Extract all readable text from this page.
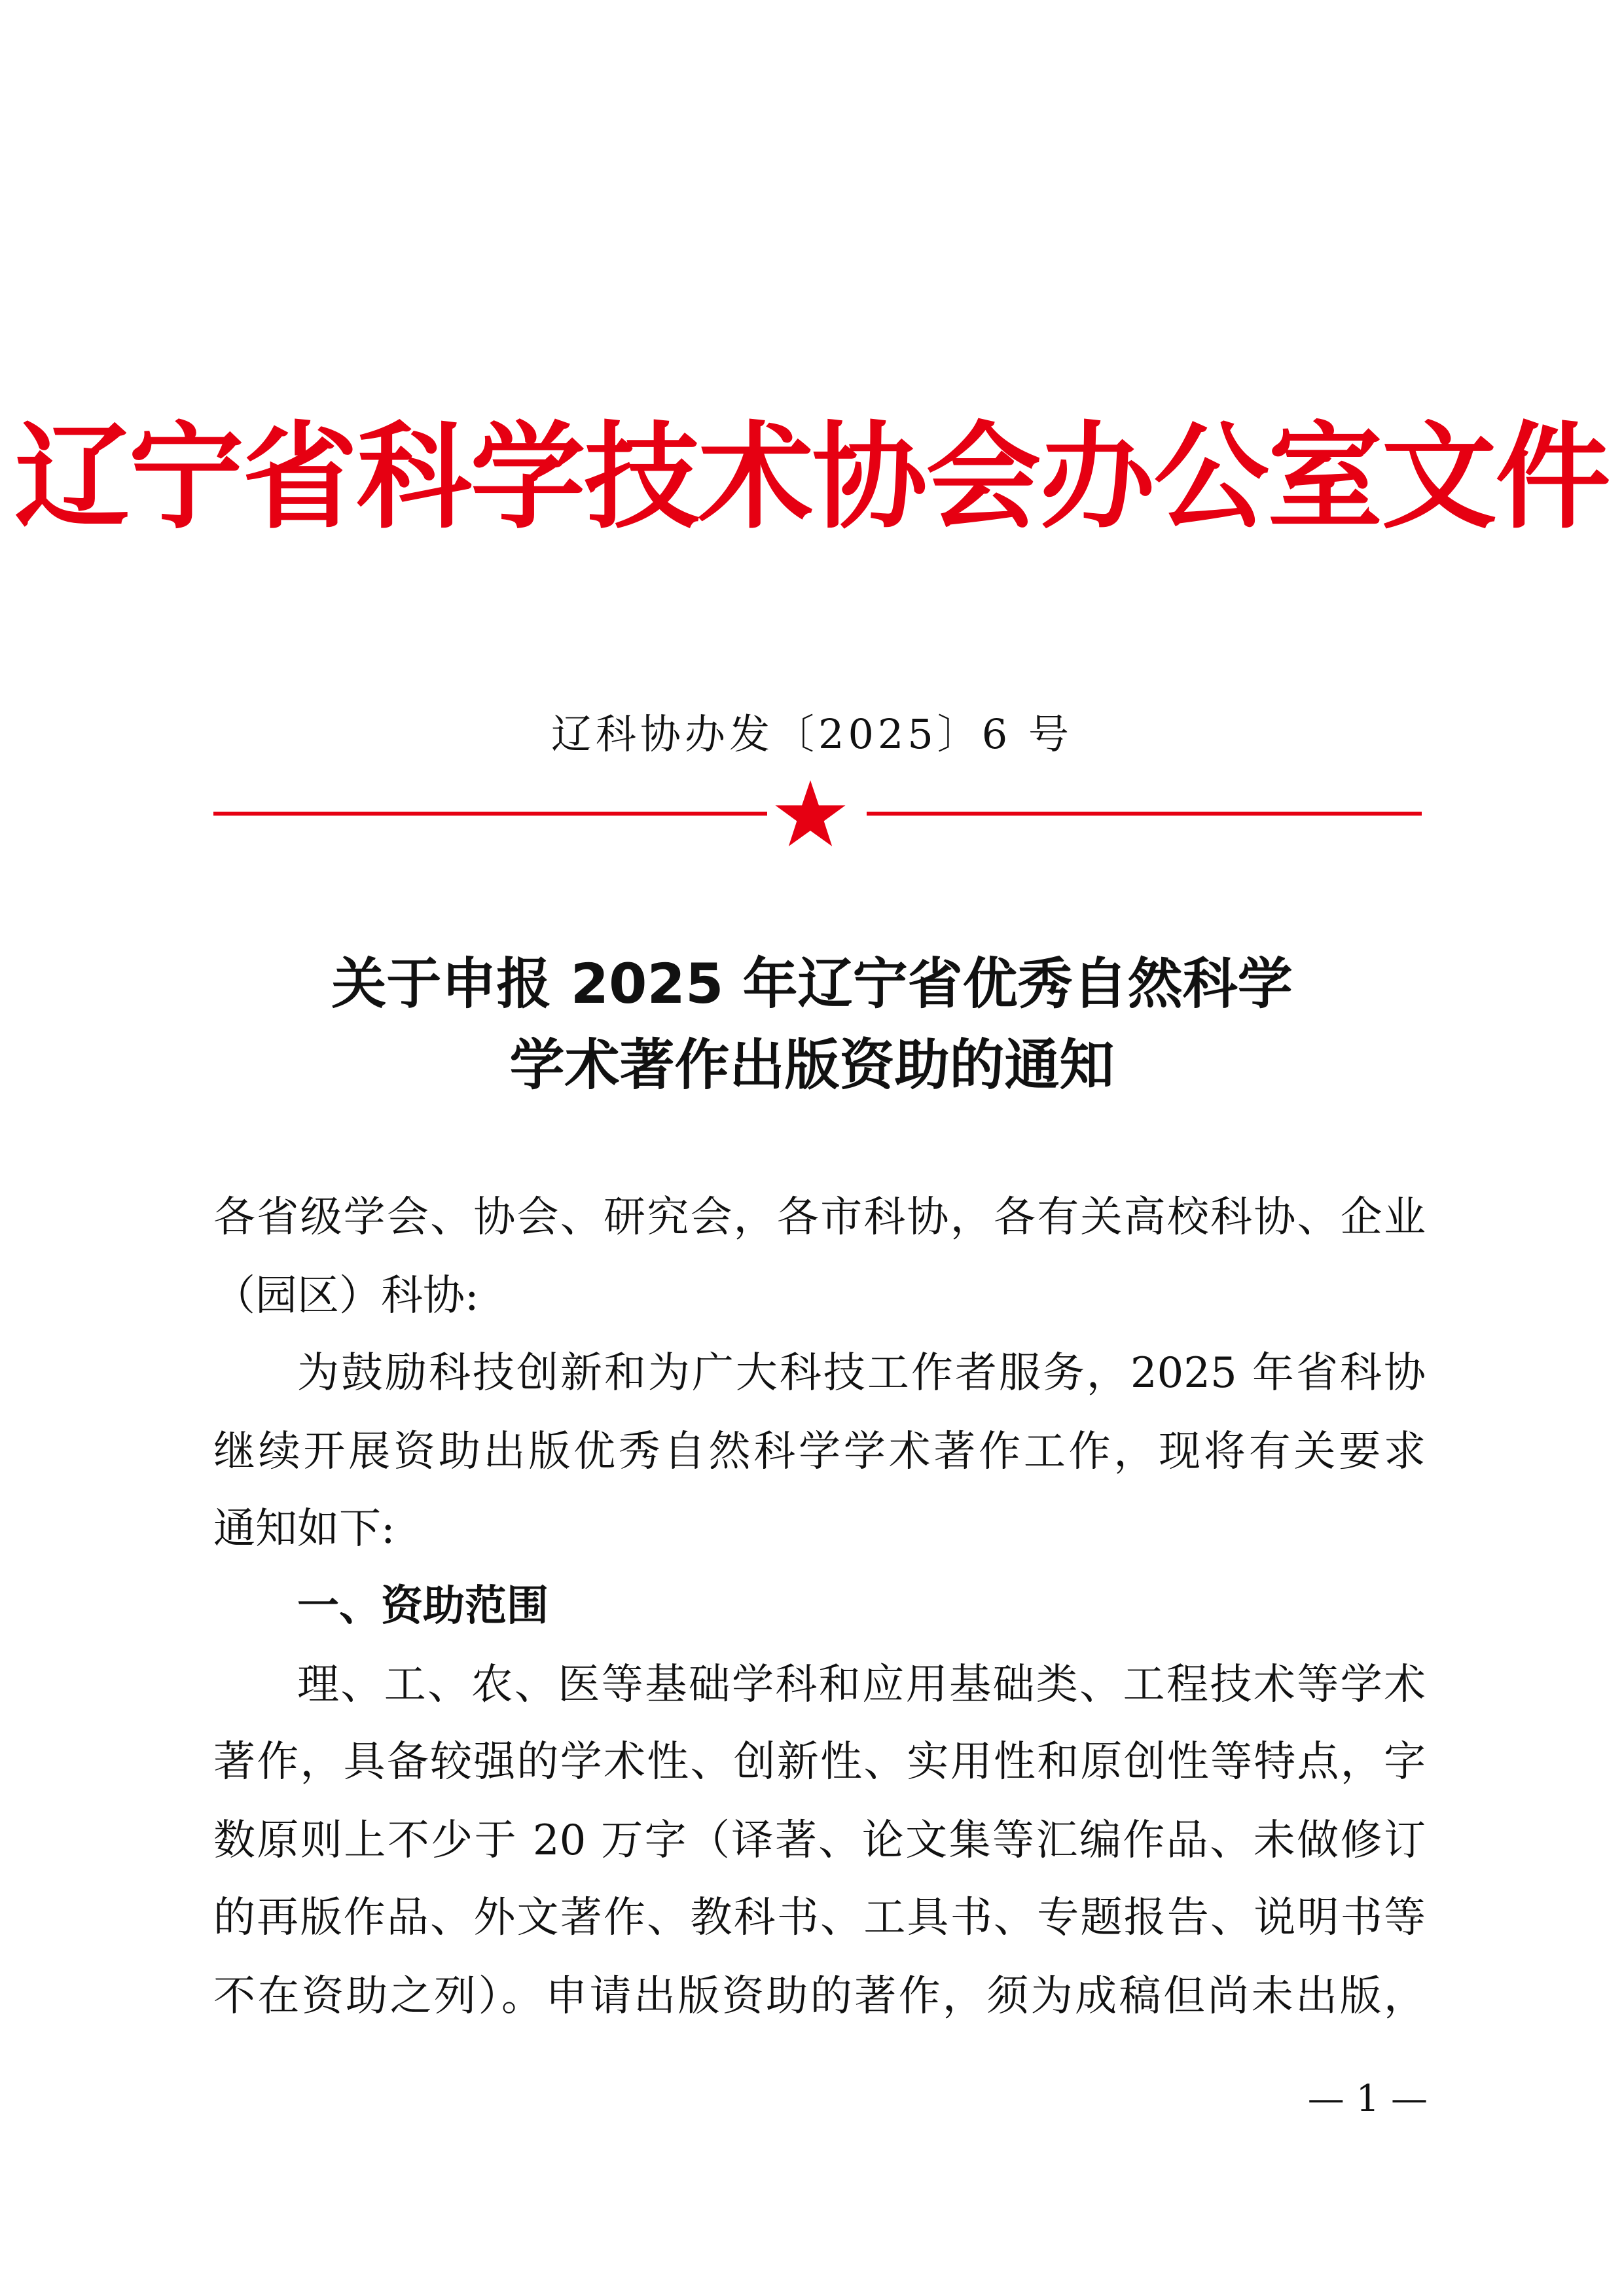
辽宁省科学技术协会办公室文件
辽科协办发〔2025〕6 号
关于申报 2025 年辽宁省优秀自然科学
学术著作出版资助的通知
各省级学会、协会、研究会，各市科协，各有关高校科协、企业
（园区）科协:
为鼓励科技创新和为广大科技工作者服务，2025 年省科协
继续开展资助出版优秀自然科学学术著作工作，现将有关要求
通知如下:
一、资助范围
理、工、农、医等基础学科和应用基础类、工程技术等学术
著作，具备较强的学术性、创新性、实用性和原创性等特点，字
数原则上不少于 20 万字（译著、论文集等汇编作品、未做修订
的再版作品、外文著作、教科书、工具书、专题报告、说明书等
不在资助之列）。申请出版资助的著作，须为成稿但尚未出版，
— 1 —
